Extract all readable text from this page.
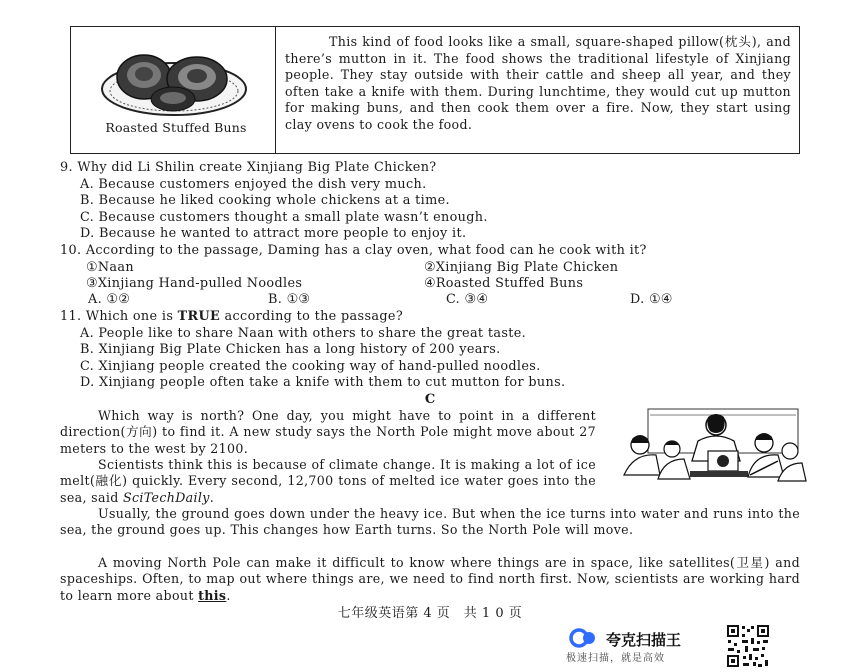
Roasted Stuffed Buns
This kind of food looks like a small, square-shaped pillow(枕头), and there’s mutton in it. The food shows the traditional lifestyle of Xinjiang people. They stay outside with their cattle and sheep all year, and they often take a knife with them. During lunchtime, they would cut up mutton for making buns, and then cook them over a fire. Now, they start using clay ovens to cook the food.
9. Why did Li Shilin create Xinjiang Big Plate Chicken?
A. Because customers enjoyed the dish very much.
B. Because he liked cooking whole chickens at a time.
C. Because customers thought a small plate wasn’t enough.
D. Because he wanted to attract more people to enjoy it.
10. According to the passage, Daming has a clay oven, what food can he cook with it?
①Naan	②Xinjiang Big Plate Chicken
③Xinjiang Hand-pulled Noodles	④Roasted Stuffed Buns
A. ①②	B. ①③	C. ③④	D. ①④
11. Which one is TRUE according to the passage?
A. People like to share Naan with others to share the great taste.
B. Xinjiang Big Plate Chicken has a long history of 200 years.
C. Xinjiang people created the cooking way of hand-pulled noodles.
D. Xinjiang people often take a knife with them to cut mutton for buns.
C
Which way is north? One day, you might have to point in a different direction(方向) to find it. A new study says the North Pole might move about 27 meters to the west by 2100.
Scientists think this is because of climate change. It is making a lot of ice melt(融化) quickly. Every second, 12,700 tons of melted ice water goes into the sea, said SciTechDaily.
Usually, the ground goes down under the heavy ice. But when the ice turns into water and runs into the sea, the ground goes up. This changes how Earth turns. So the North Pole will move.
A moving North Pole can make it difficult to know where things are in space, like satellites(卫星) and spaceships. Often, to map out where things are, we need to find north first. Now, scientists are working hard to learn more about this.
七年级英语第 4 页　共 1 0 页
夸克扫描王
极速扫描，就是高效
